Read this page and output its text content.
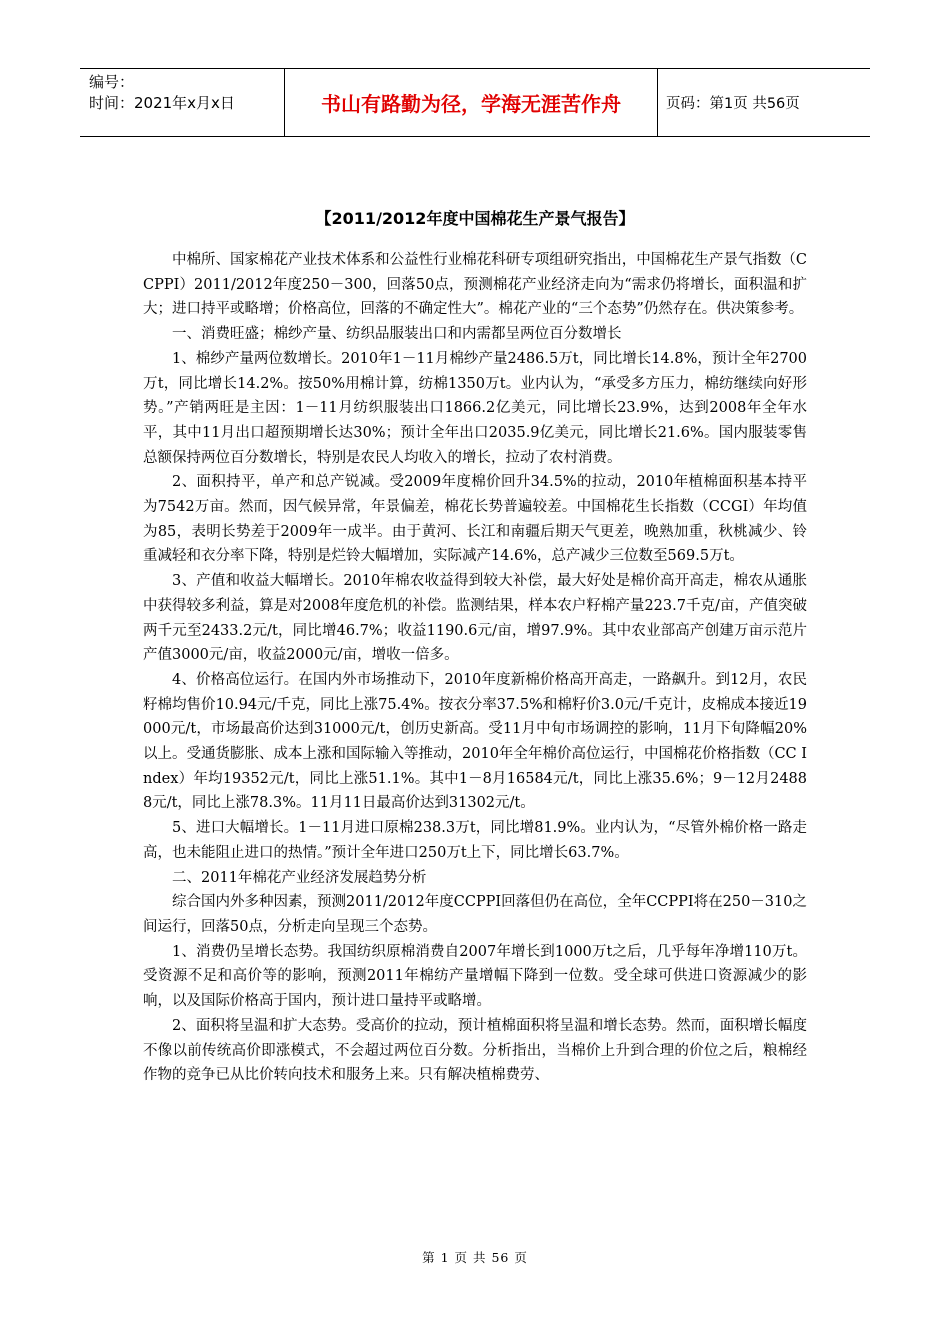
编号：
时间：2021年x月x日	书山有路勤为径，学海无涯苦作舟	页码：第1页 共56页
【2011/2012年度中国棉花生产景气报告】

中棉所、国家棉花产业技术体系和公益性行业棉花科研专项组研究指出，中国棉花生产景气指数（CCPPI）2011/2012年度250－300，回落50点，预测棉花产业经济走向为“需求仍将增长，面积温和扩大；进口持平或略增；价格高位，回落的不确定性大”。棉花产业的“三个态势”仍然存在。供决策参考。

一、消费旺盛；棉纱产量、纺织品服装出口和内需都呈两位百分数增长

1、棉纱产量两位数增长。2010年1－11月棉纱产量2486.5万t，同比增长14.8%，预计全年2700万t，同比增长14.2%。按50%用棉计算，纺棉1350万t。业内认为，“承受多方压力，棉纺继续向好形势。”产销两旺是主因：1－11月纺织服装出口1866.2亿美元，同比增长23.9%，达到2008年全年水平，其中11月出口超预期增长达30%；预计全年出口2035.9亿美元，同比增长21.6%。国内服装零售总额保持两位百分数增长，特别是农民人均收入的增长，拉动了农村消费。

2、面积持平，单产和总产锐减。受2009年度棉价回升34.5%的拉动，2010年植棉面积基本持平为7542万亩。然而，因气候异常，年景偏差，棉花长势普遍较差。中国棉花生长指数（CCGI）年均值为85，表明长势差于2009年一成半。由于黄河、长江和南疆后期天气更差，晚熟加重，秋桃减少、铃重减轻和衣分率下降，特别是烂铃大幅增加，实际减产14.6%，总产减少三位数至569.5万t。

3、产值和收益大幅增长。2010年棉农收益得到较大补偿，最大好处是棉价高开高走，棉农从通胀中获得较多利益，算是对2008年度危机的补偿。监测结果，样本农户籽棉产量223.7千克/亩，产值突破两千元至2433.2元/t，同比增46.7%；收益1190.6元/亩，增97.9%。其中农业部高产创建万亩示范片产值3000元/亩，收益2000元/亩，增收一倍多。

4、价格高位运行。在国内外市场推动下，2010年度新棉价格高开高走，一路飙升。到12月，农民籽棉均售价10.94元/千克，同比上涨75.4%。按衣分率37.5%和棉籽价3.0元/千克计，皮棉成本接近19000元/t，市场最高价达到31000元/t，创历史新高。受11月中旬市场调控的影响，11月下旬降幅20%以上。受通货膨胀、成本上涨和国际输入等推动，2010年全年棉价高位运行，中国棉花价格指数（CC Index）年均19352元/t，同比上涨51.1%。其中1－8月16584元/t，同比上涨35.6%；9－12月24888元/t，同比上涨78.3%。11月11日最高价达到31302元/t。

5、进口大幅增长。1－11月进口原棉238.3万t，同比增81.9%。业内认为，“尽管外棉价格一路走高，也未能阻止进口的热情。”预计全年进口250万t上下，同比增长63.7%。

二、2011年棉花产业经济发展趋势分析

综合国内外多种因素，预测2011/2012年度CCPPI回落但仍在高位，全年CCPPI将在250－310之间运行，回落50点，分析走向呈现三个态势。

1、消费仍呈增长态势。我国纺织原棉消费自2007年增长到1000万t之后，几乎每年净增110万t。受资源不足和高价等的影响，预测2011年棉纺产量增幅下降到一位数。受全球可供进口资源减少的影响，以及国际价格高于国内，预计进口量持平或略增。

2、面积将呈温和扩大态势。受高价的拉动，预计植棉面积将呈温和增长态势。然而，面积增长幅度不像以前传统高价即涨模式，不会超过两位百分数。分析指出，当棉价上升到合理的价位之后，粮棉经作物的竞争已从比价转向技术和服务上来。只有解决植棉费劳、

第 1 页 共 56 页
